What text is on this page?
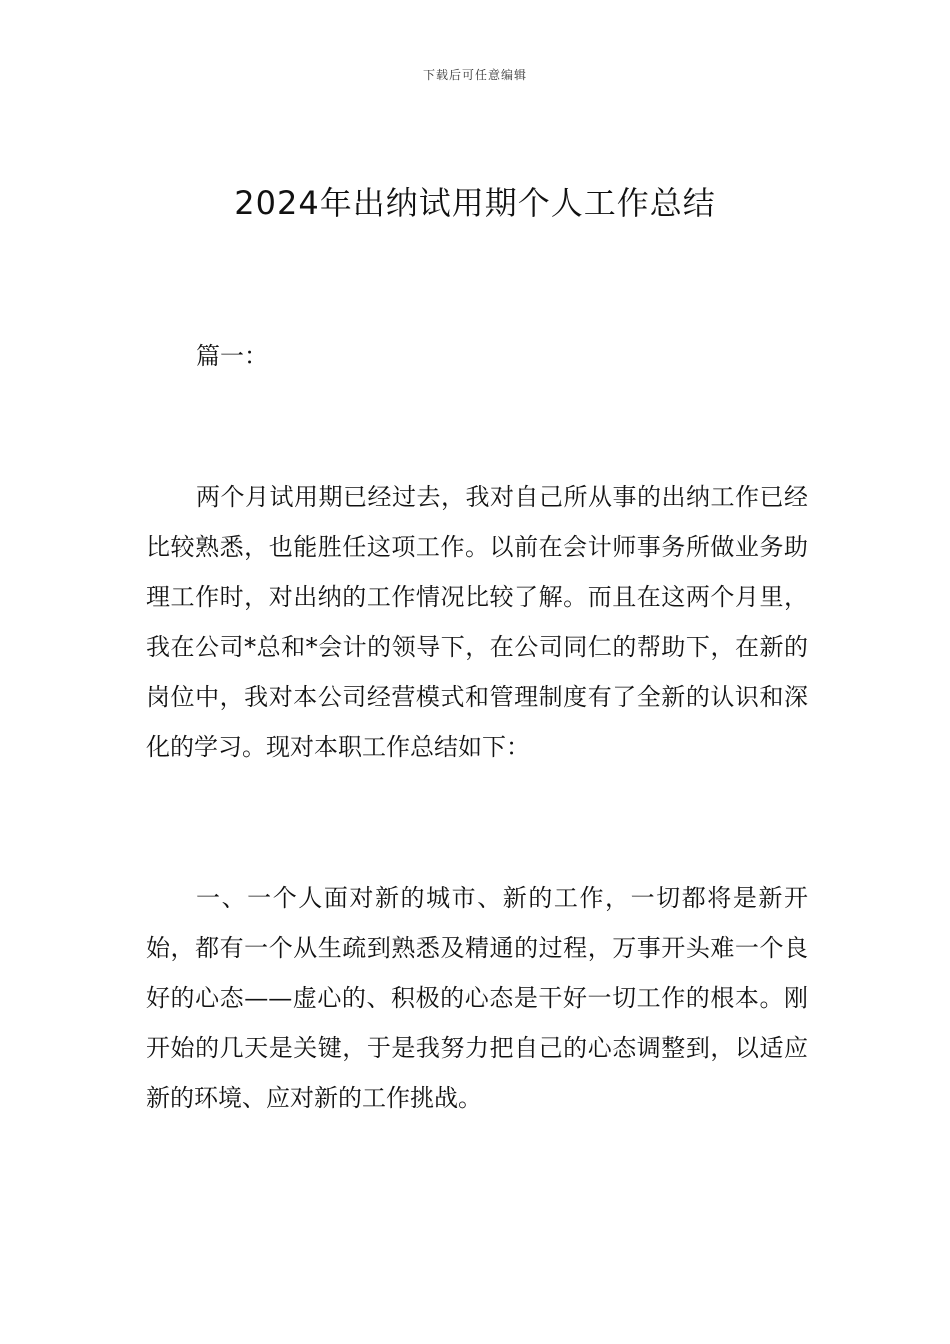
下载后可任意编辑
2024年出纳试用期个人工作总结
篇一：

两个月试用期已经过去，我对自己所从事的出纳工作已经比较熟悉，也能胜任这项工作。以前在会计师事务所做业务助理工作时，对出纳的工作情况比较了解。而且在这两个月里，我在公司*总和*会计的领导下，在公司同仁的帮助下，在新的岗位中，我对本公司经营模式和管理制度有了全新的认识和深化的学习。现对本职工作总结如下：

一、一个人面对新的城市、新的工作，一切都将是新开始，都有一个从生疏到熟悉及精通的过程，万事开头难一个良好的心态——虚心的、积极的心态是干好一切工作的根本。刚开始的几天是关键，于是我努力把自己的心态调整到，以适应新的环境、应对新的工作挑战。
